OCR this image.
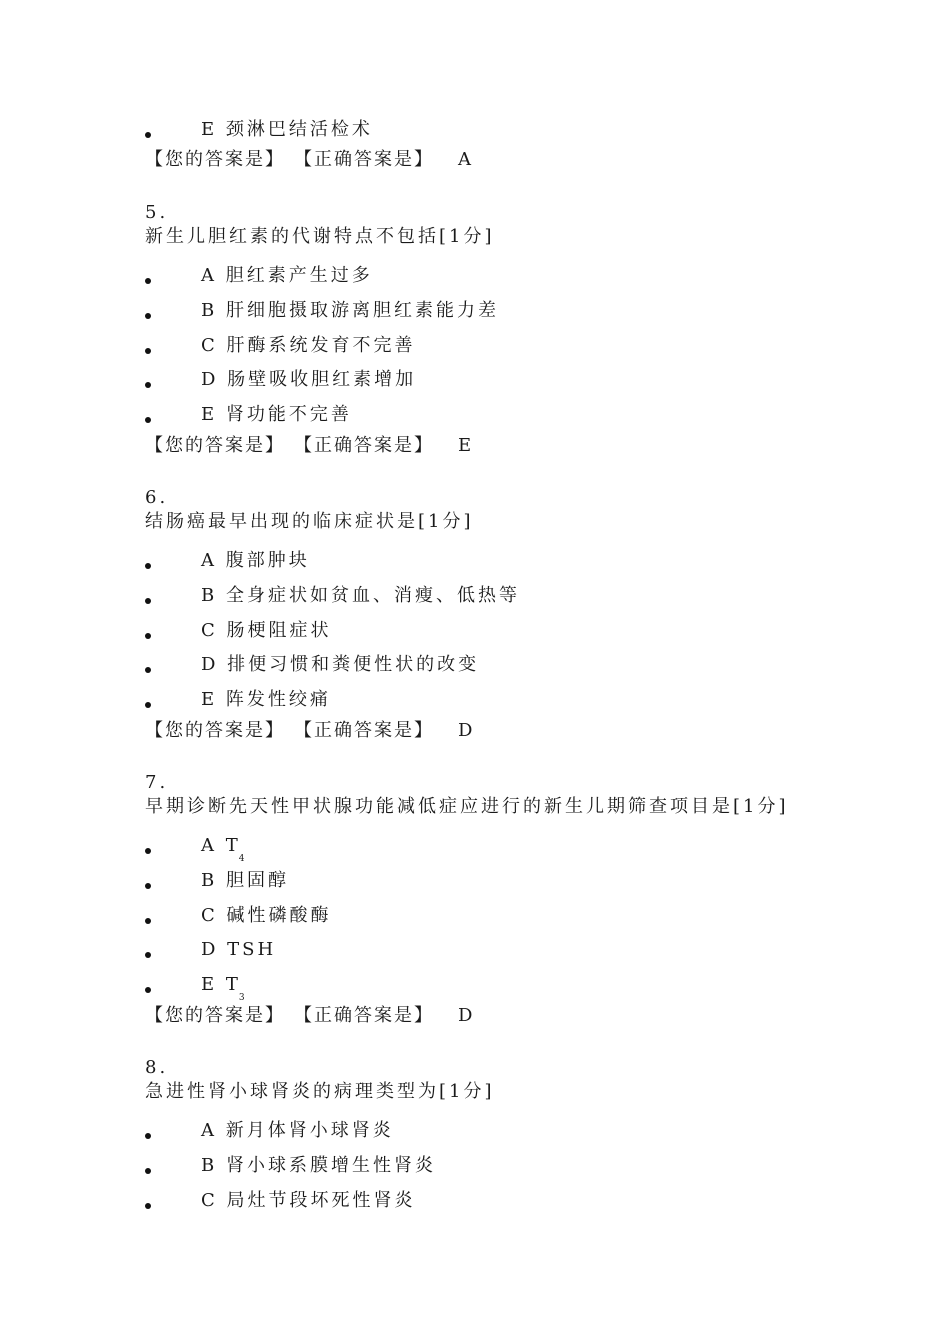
E 颈淋巴结活检术
【您的答案是】 【正确答案是】 A
5.
新生儿胆红素的代谢特点不包括[1分]
A 胆红素产生过多
B 肝细胞摄取游离胆红素能力差
C 肝酶系统发育不完善
D 肠壁吸收胆红素增加
E 肾功能不完善
【您的答案是】 【正确答案是】 E
6.
结肠癌最早出现的临床症状是[1分]
A 腹部肿块
B 全身症状如贫血、消瘦、低热等
C 肠梗阻症状
D 排便习惯和粪便性状的改变
E 阵发性绞痛
【您的答案是】 【正确答案是】 D
7.
早期诊断先天性甲状腺功能减低症应进行的新生儿期筛查项目是[1分]
A $T_4$
B 胆固醇
C 碱性磷酸酶
D TSH
E $T_3$
【您的答案是】 【正确答案是】 D
8.
急进性肾小球肾炎的病理类型为[1分]
A 新月体肾小球肾炎
B 肾小球系膜增生性肾炎
C 局灶节段坏死性肾炎
